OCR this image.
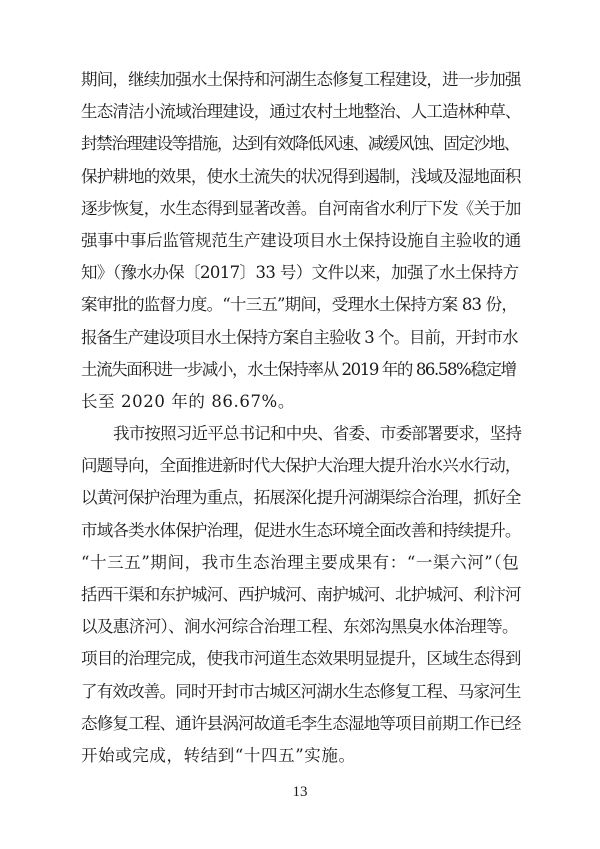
期间，继续加强水土保持和河湖生态修复工程建设，进一步加强
生态清洁小流域治理建设，通过农村土地整治、人工造林种草、
封禁治理建设等措施，达到有效降低风速、减缓风蚀、固定沙地、
保护耕地的效果，使水土流失的状况得到遏制，浅域及湿地面积
逐步恢复，水生态得到显著改善。自河南省水利厅下发《关于加
强事中事后监管规范生产建设项目水土保持设施自主验收的通
知》（豫水办保〔2017〕33 号）文件以来，加强了水土保持方
案审批的监督力度。“十三五”期间，受理水土保持方案 83 份，
报备生产建设项目水土保持方案自主验收 3 个。目前，开封市水
土流失面积进一步减小，水土保持率从 2019 年的 86.58%稳定增
长至 2020 年的 86.67%。
我市按照习近平总书记和中央、省委、市委部署要求，坚持
问题导向，全面推进新时代大保护大治理大提升治水兴水行动，
以黄河保护治理为重点，拓展深化提升河湖渠综合治理，抓好全
市域各类水体保护治理，促进水生态环境全面改善和持续提升。
“十三五”期间，我市生态治理主要成果有：“一渠六河”（包
括西干渠和东护城河、西护城河、南护城河、北护城河、利汴河
以及惠济河）、涧水河综合治理工程、东郊沟黑臭水体治理等。
项目的治理完成，使我市河道生态效果明显提升，区域生态得到
了有效改善。同时开封市古城区河湖水生态修复工程、马家河生
态修复工程、通许县涡河故道毛李生态湿地等项目前期工作已经
开始或完成，转结到“十四五”实施。
13
